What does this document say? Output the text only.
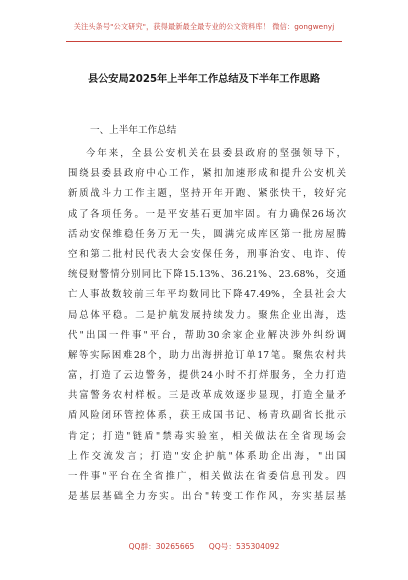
关注头条号"公文研究"，获得最新最全最专业的公文资料库！ 微信：gongwenyj
县公安局2025年上半年工作总结及下半年工作思路
一、上半年工作总结
今年来，全县公安机关在县委县政府的坚强领导下，
围绕县委县政府中心工作，紧扣加速形成和提升公安机关
新质战斗力工作主题，坚持开年开跑、紧张快干，较好完
成了各项任务。一是平安基石更加牢固。有力确保26场次
活动安保维稳任务万无一失，圆满完成库区第一批房屋腾
空和第二批村民代表大会安保任务，刑事治安、电诈、传
统侵财警情分别同比下降15.13%、36.21%、23.68%，交通
亡人事故数较前三年平均数同比下降47.49%，全县社会大
局总体平稳。二是护航发展持续发力。聚焦企业出海，迭
代"出国一件事"平台，帮助30余家企业解决涉外纠纷调
解等实际困难28个，助力出海拼抢订单17笔。聚焦农村共
富，打造了云边警务，提供24小时不打烊服务，全力打造
共富警务农村样板。三是改革成效逐步显现，打造全量矛
盾风险闭环管控体系，获王成国书记、杨青玖副省长批示
肯定；打造"链盾"禁毒实验室，相关做法在全省现场会
上作交流发言；打造"安企护航"体系助企出海，"出国
一件事"平台在全省推广，相关做法在省委信息刊发。四
是基层基础全力夯实。出台"转变工作作风，夯实基层基
QQ群：30265665 QQ号：535304092
